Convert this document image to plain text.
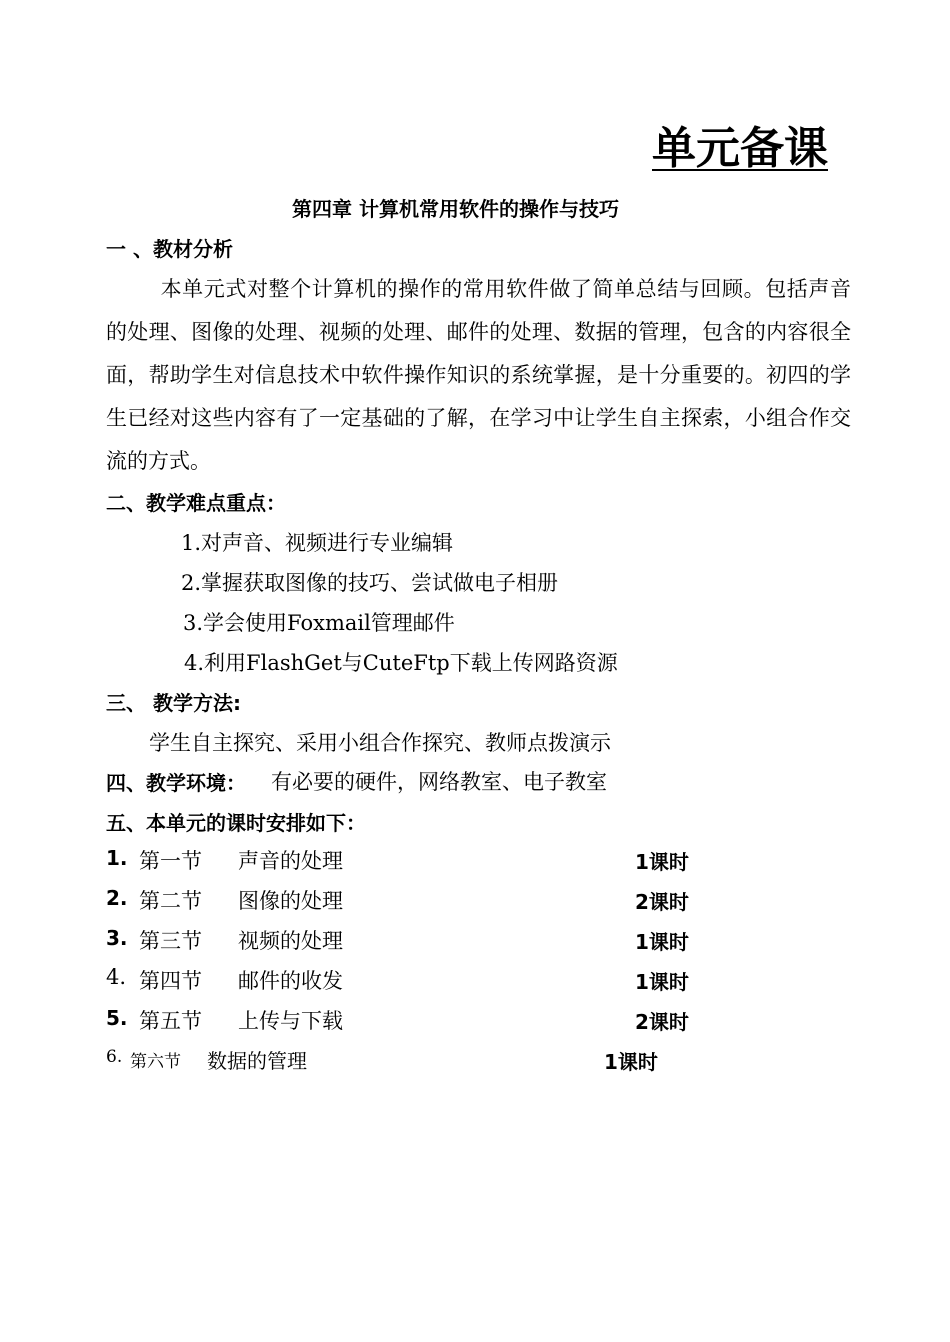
单元备课
第四章 计算机常用软件的操作与技巧
一 、教材分析

本单元式对整个计算机的操作的常用软件做了简单总结与回顾。包括声音的处理、图像的处理、视频的处理、邮件的处理、数据的管理，包含的内容很全面，帮助学生对信息技术中软件操作知识的系统掌握，是十分重要的。初四的学生已经对这些内容有了一定基础的了解，在学习中让学生自主探索，小组合作交流的方式。

二、教学难点重点：
1.对声音、视频进行专业编辑
2.掌握获取图像的技巧、尝试做电子相册
3.学会使用Foxmail管理邮件
4.利用FlashGet与CuteFtp下载上传网路资源
三、 教学方法:
学生自主探究、采用小组合作探究、教师点拨演示
四、教学环境： 有必要的硬件，网络教室、电子教室
五、本单元的课时安排如下：
1. 第一节 声音的处理	1课时
2. 第二节 图像的处理	2课时
3. 第三节 视频的处理	1课时
4. 第四节 邮件的收发	1课时
5. 第五节 上传与下载	2课时
6. 第六节 数据的管理	1课时
